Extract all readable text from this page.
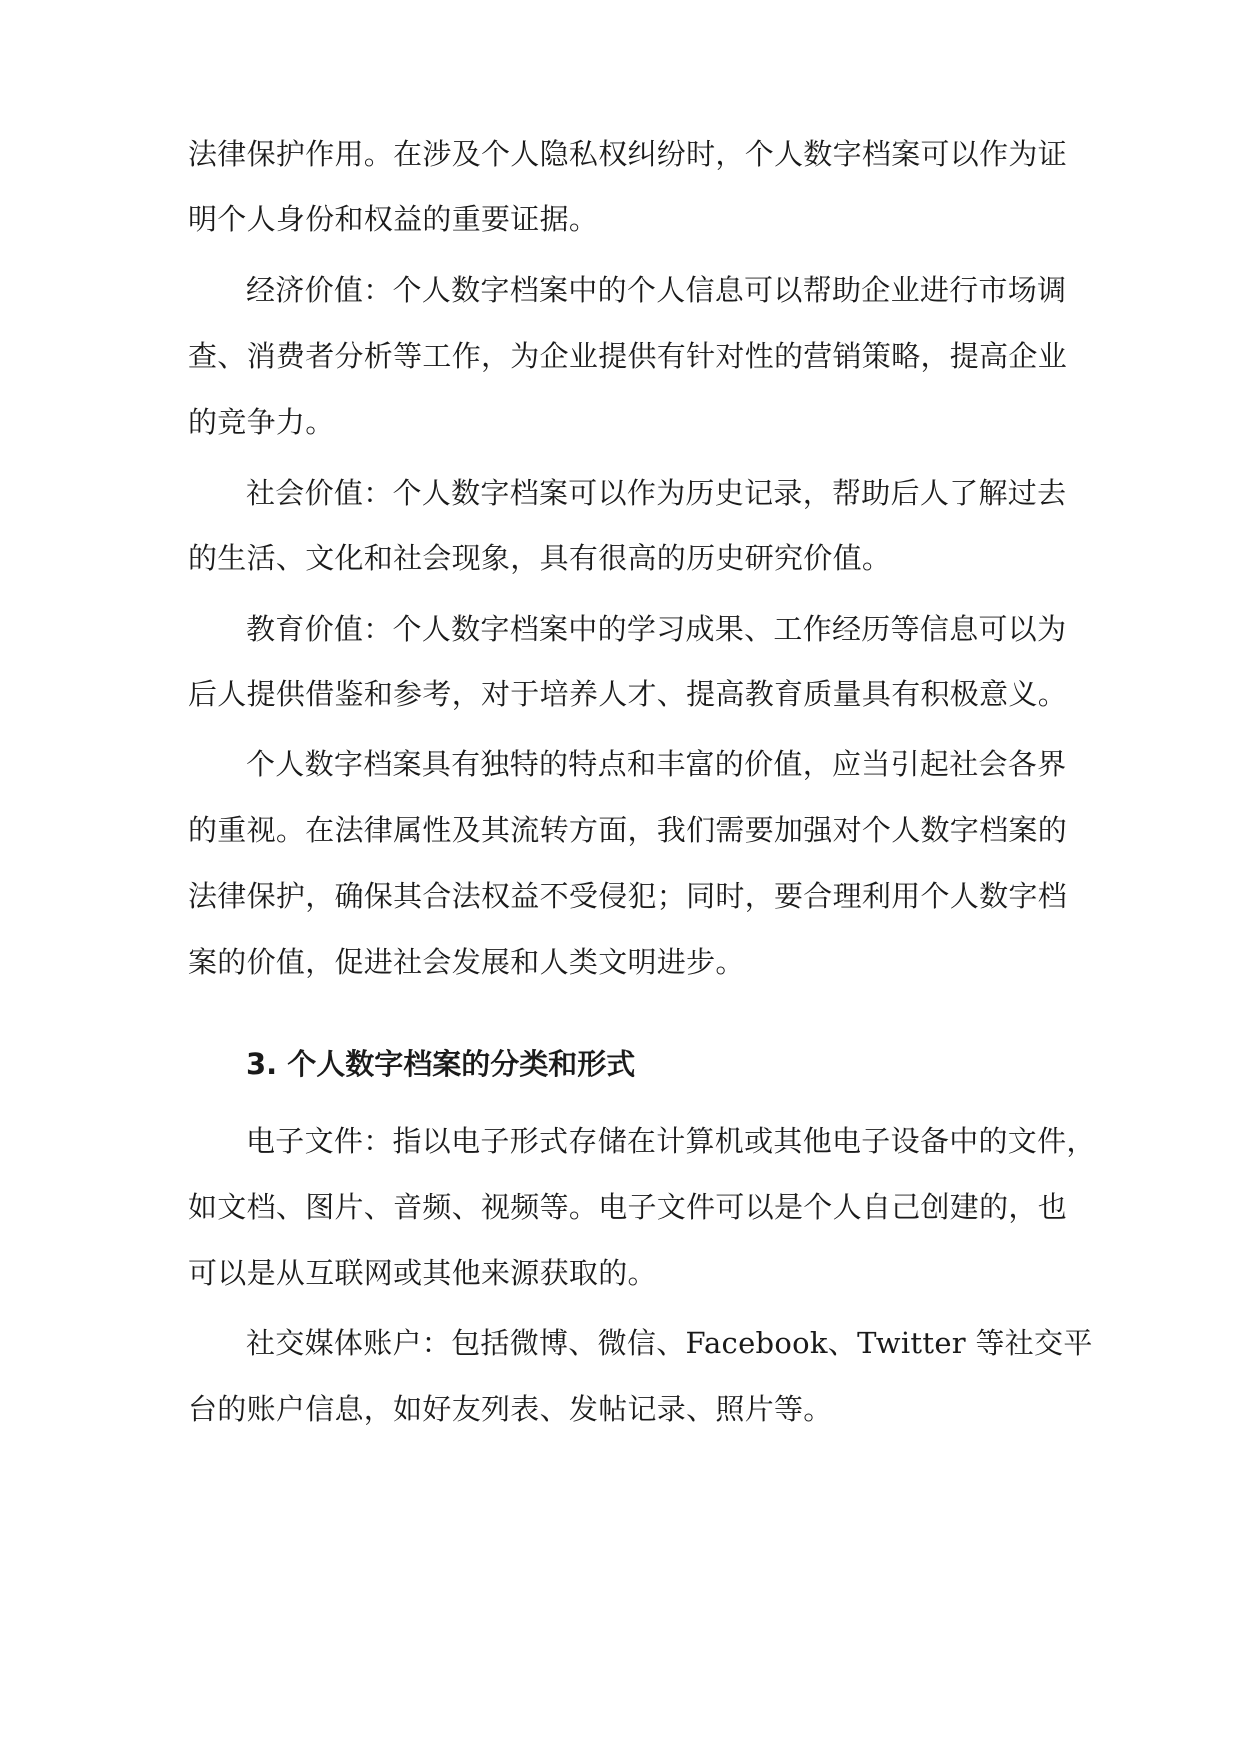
法律保护作用。在涉及个人隐私权纠纷时，个人数字档案可以作为证
明个人身份和权益的重要证据。
经济价值：个人数字档案中的个人信息可以帮助企业进行市场调
查、消费者分析等工作，为企业提供有针对性的营销策略，提高企业
的竞争力。
社会价值：个人数字档案可以作为历史记录，帮助后人了解过去
的生活、文化和社会现象，具有很高的历史研究价值。
教育价值：个人数字档案中的学习成果、工作经历等信息可以为
后人提供借鉴和参考，对于培养人才、提高教育质量具有积极意义。
个人数字档案具有独特的特点和丰富的价值，应当引起社会各界
的重视。在法律属性及其流转方面，我们需要加强对个人数字档案的
法律保护，确保其合法权益不受侵犯；同时，要合理利用个人数字档
案的价值，促进社会发展和人类文明进步。
3. 个人数字档案的分类和形式
电子文件：指以电子形式存储在计算机或其他电子设备中的文件，
如文档、图片、音频、视频等。电子文件可以是个人自己创建的，也
可以是从互联网或其他来源获取的。
社交媒体账户：包括微博、微信、Facebook、Twitter 等社交平
台的账户信息，如好友列表、发帖记录、照片等。
